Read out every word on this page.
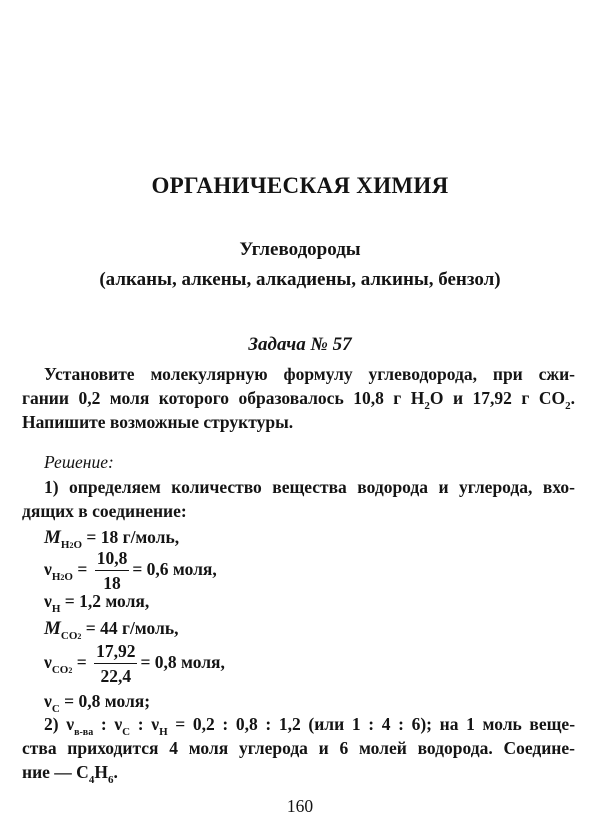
ОРГАНИЧЕСКАЯ ХИМИЯ
Углеводороды
(алканы, алкены, алкадиены, алкины, бензол)
Задача № 57
Установите молекулярную формулу углеводорода, при сжи-
гании 0,2 моля которого образовалось 10,8 г $H_2O$ и 17,92 г $CO_2$.
Напишите возможные структуры.
Решение:
1) определяем количество вещества водорода и углерода, вхо-
дящих в соединение:
$M_{H2O} = 18$ г/моль,
$\nu_{H2O} = \frac{10,8}{18} = 0,6$ моля,
$\nu_H = 1,2$ моля,
$M_{CO2} = 44$ г/моль,
$\nu_{CO2} = \frac{17,92}{22,4} = 0,8$ моля,
$\nu_C = 0,8$ моля;
2) $\nu_{в-ва}$ : $\nu_C$ : $\nu_H = 0,2$ : 0,8 : 1,2 (или 1 : 4 : 6); на 1 моль веще-
ства приходится 4 моля углерода и 6 молей водорода. Соедине-
ние — $C_4H_6$.
160
